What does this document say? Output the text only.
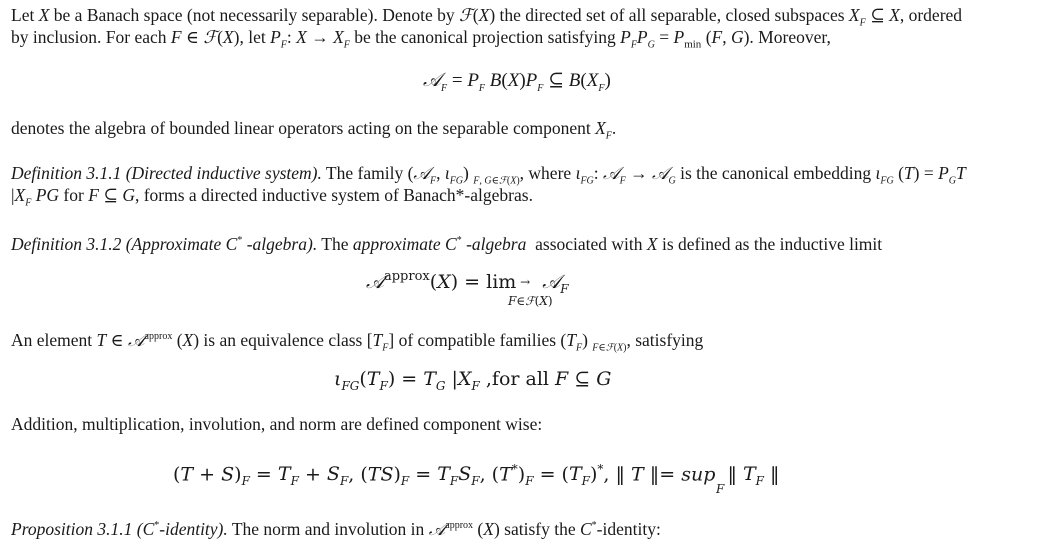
Let X be a Banach space (not necessarily separable). Denote by ℱ(X) the directed set of all separable, closed subspaces $X_F$ ⊆ X, ordered
by inclusion. For each F ∈ ℱ(X), let $P_F$: $X \to X_F$ be the canonical projection satisfying $P_FP_G = P_{min}$ (F, G). Moreover,
𝒜$_F$ = $P_F$ $B(X)P_F$ ⊆ $B(X_F)$
denotes the algebra of bounded linear operators acting on the separable component $X_F$.
Definition 3.1.1 (Directed inductive system). The family (𝒜$_F$, $\iota_{FG}$) $_{F, G\in ℱ(X)}$, where $\iota_{FG}$: 𝒜$_F$ → 𝒜$_G$ is the canonical embedding $\iota_{FG}$ $(T) = P_GT$
$|X_F$ PG for F ⊆ G, forms a directed inductive system of Banach*-algebras.
Definition 3.1.2 (Approximate C* -algebra). The approximate C* -algebra  associated with X is defined as the inductive limit
𝒜$^{approx}$(X) = lim → 𝒜$_F$
F∈ℱ(X)
An element T ∈ 𝒜$^{approx}$ (X) is an equivalence class $[T_F]$ of compatible families $(T_F)$ $_{F\in ℱ(X)}$, satisfying
$\iota_{FG}(T_F) = T_G$ $|X_F$ ,for all F ⊆ G
Addition, multiplication, involution, and norm are defined component wise:
$(T + S)_F = T_F + S_F$, $(TS)_F = T_FS_F$, $(T^*)_F = (T_F)^*$, ‖ T ‖= sup  ‖ $T_F$ ‖
F
Proposition 3.1.1 (C*-identity). The norm and involution in 𝒜$^{approx}$ (X) satisfy the C*-identity:
